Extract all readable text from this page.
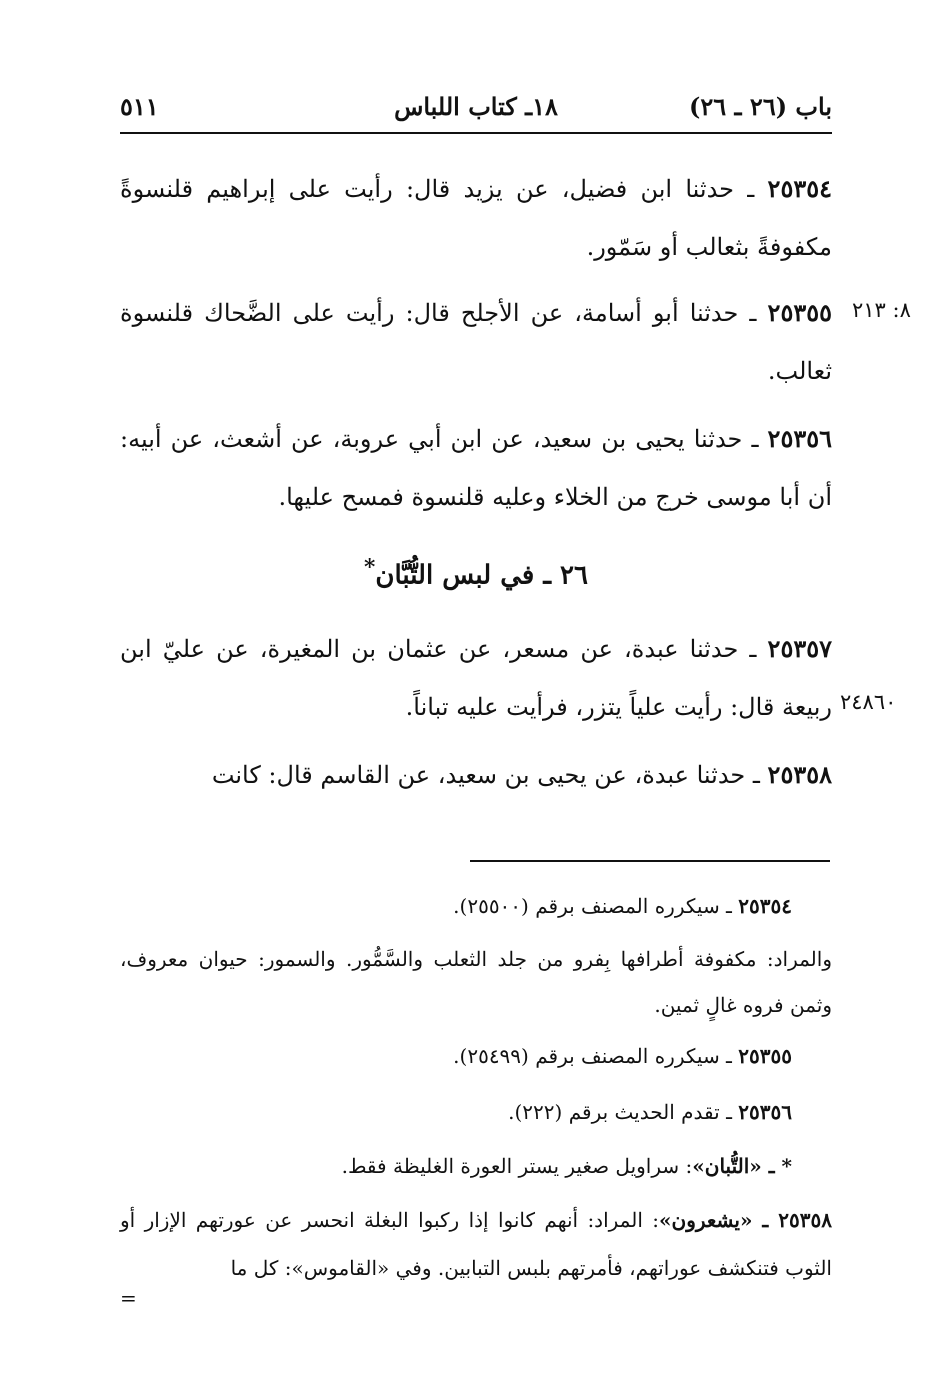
باب (٢٦ ـ ٢٦)
١٨ـ كتاب اللباس
٥١١

٢٥٣٥٤ ـ حدثنا ابن فضيل، عن يزيد قال: رأيت على إبراهيم قلنسوةً مكفوفةً بثعالب أو سَمّور.

٨: ٢١٣

٢٥٣٥٥ ـ حدثنا أبو أسامة، عن الأجلح قال: رأيت على الضَّحاك قلنسوة ثعالب.

٢٥٣٥٦ ـ حدثنا يحيى بن سعيد، عن ابن أبي عروبة، عن أشعث، عن أبيه: أن أبا موسى خرج من الخلاء وعليه قلنسوة فمسح عليها.

٢٦ ـ في لبس التُّبَّان*

٢٥٣٥٧ ـ حدثنا عبدة، عن مسعر، عن عثمان بن المغيرة، عن عليّ ابن ربيعة قال: رأيت علياً يتزر، فرأيت عليه تباناً. ٢٤٨٦٠

٢٥٣٥٨ ـ حدثنا عبدة، عن يحيى بن سعيد، عن القاسم قال: كانت

٢٥٣٥٤ ـ سيكرره المصنف برقم (٢٥٥٠٠).

والمراد: مكفوفة أطرافها بِفرو من جلد الثعلب والسَّمُّور. والسمور: حيوان معروف، وثمن فروه غالٍ ثمين.

٢٥٣٥٥ ـ سيكرره المصنف برقم (٢٥٤٩٩).

٢٥٣٥٦ ـ تقدم الحديث برقم (٢٢٢).

* ـ «التُّبان»: سراويل صغير يستر العورة الغليظة فقط.

٢٥٣٥٨ ـ «يشعرون»: المراد: أنهم كانوا إذا ركبوا البغلة انحسر عن عورتهم الإزار أو الثوب فتنكشف عوراتهم، فأمرتهم بلبس التبابين. وفي «القاموس»: كل ما

=
